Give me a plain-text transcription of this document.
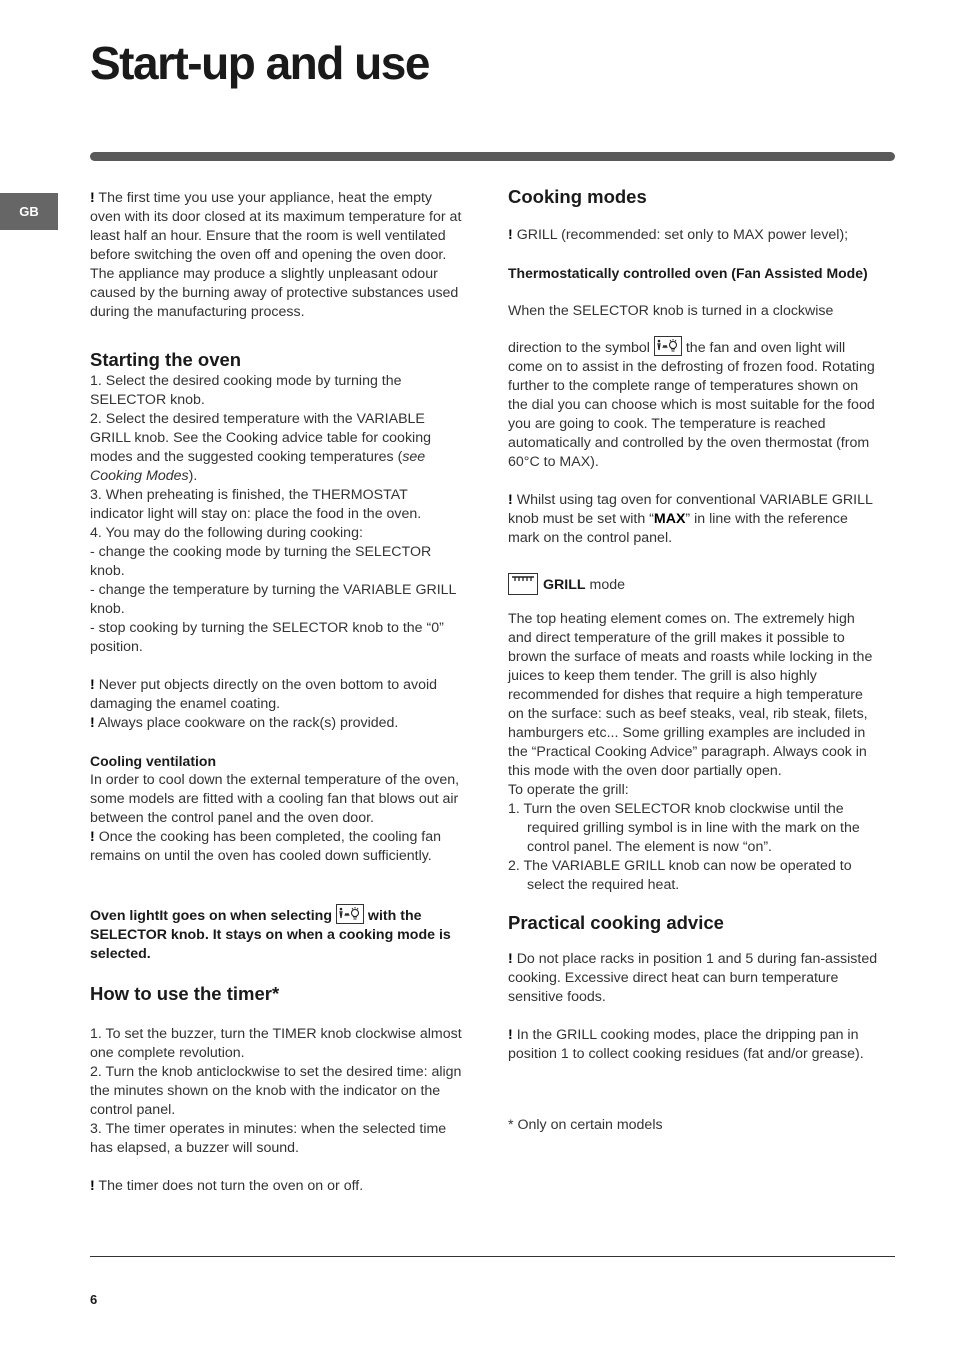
Start-up and use
GB

! The first time you use your appliance, heat the empty oven with its door closed at its maximum temperature for at least half an hour. Ensure that the room is well ventilated before switching the oven off and opening the oven door. The appliance may produce a slightly unpleasant odour caused by the burning away of protective substances used during the manufacturing process.

Starting the oven

1. Select the desired cooking mode by turning the SELECTOR knob.

2. Select the desired temperature with the VARIABLE GRILL knob. See the Cooking advice table for cooking modes and the suggested cooking temperatures (see Cooking Modes).

3. When preheating is finished, the THERMOSTAT indicator light will stay on: place the food in the oven.

4. You may do the following during cooking:

- change the cooking mode by turning the SELECTOR knob.

- change the temperature by turning the VARIABLE GRILL knob.

- stop cooking by turning the SELECTOR knob to the “0” position.

! Never put objects directly on the oven bottom to avoid damaging the enamel coating.

! Always place cookware on the rack(s) provided.

Cooling ventilation

In order to cool down the external temperature of the oven, some models are fitted with a cooling fan that blows out air between the control panel and the oven door.

! Once the cooking has been completed, the cooling fan remains on until the oven has cooled down sufficiently.

Oven lightIt goes on when selecting	with the SELECTOR knob. It stays on when a cooking mode is selected.

How to use the timer*

1. To set the buzzer, turn the TIMER knob clockwise almost one complete revolution.

2. Turn the knob anticlockwise to set the desired time: align the minutes shown on the knob with the indicator on the control panel.

3. The timer operates in minutes: when the selected time has elapsed, a buzzer will sound.

! The timer does not turn the oven on or off.

Cooking modes

! GRILL (recommended: set only to MAX power level);

Thermostatically controlled oven (Fan Assisted Mode)

When the SELECTOR knob is turned in a clockwise

direction to the symbol	the fan and oven light will come on to assist in the defrosting of frozen food. Rotating further to the complete range of temperatures shown on the dial you can choose which is most suitable for the food you are going to cook. The temperature is reached automatically and controlled by the oven thermostat (from 60°C to MAX).

! Whilst using tag oven for conventional VARIABLE GRILL knob must be set with “MAX” in line with the reference mark on the control panel.

GRILL mode

The top heating element comes on. The extremely high and direct temperature of the grill makes it possible to brown the surface of meats and roasts while locking in the juices to keep them tender. The grill is also highly recommended for dishes that require a high temperature on the surface: such as beef steaks, veal, rib steak, filets, hamburgers etc... Some grilling examples are included in the “Practical Cooking Advice” paragraph. Always cook in this mode with the oven door partially open.

To operate the grill:

1. Turn the oven SELECTOR knob clockwise until the required grilling symbol is in line with the mark on the control panel. The element is now “on”.

2. The VARIABLE GRILL knob can now be operated to select the required heat.

Practical cooking advice

! Do not place racks in position 1 and 5 during fan-assisted cooking. Excessive direct heat can burn temperature sensitive foods.

! In the GRILL cooking modes, place the dripping pan in position 1 to collect cooking residues (fat and/or grease).

* Only on certain models

6
